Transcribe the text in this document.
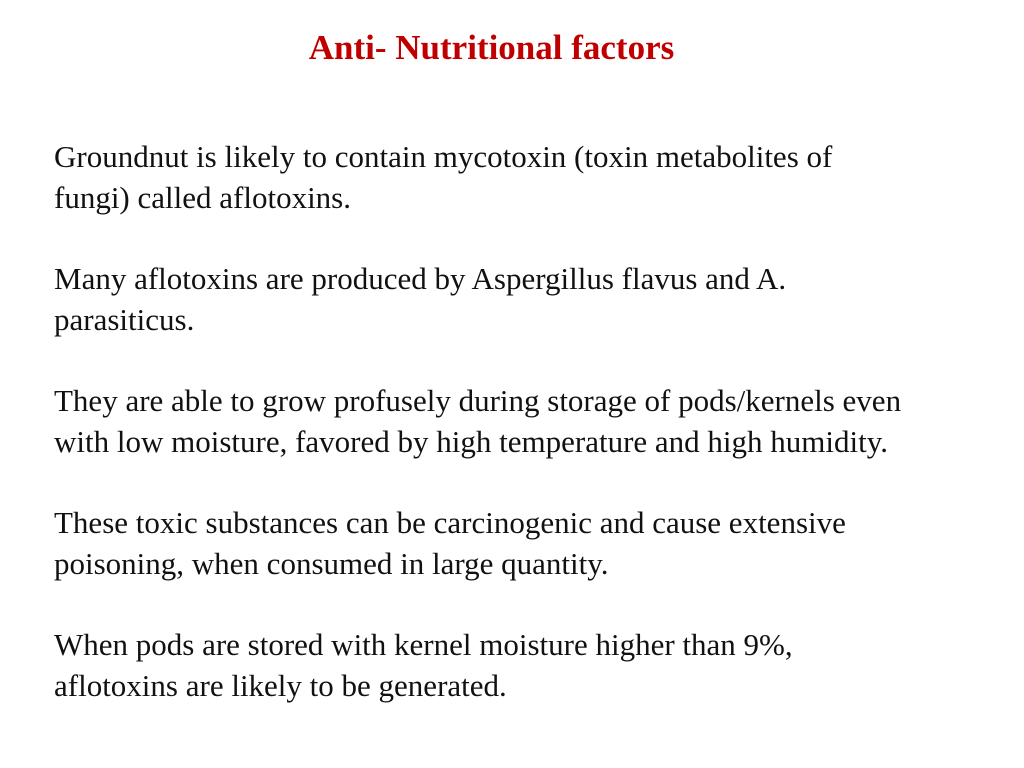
Anti- Nutritional factors

Groundnut is likely to contain mycotoxin (toxin metabolites of
fungi) called aflotoxins.

Many aflotoxins are produced by Aspergillus flavus and A.
parasiticus.

They are able to grow profusely during storage of pods/kernels even
with low moisture, favored by high temperature and high humidity.

These toxic substances can be carcinogenic and cause extensive
poisoning, when consumed in large quantity.

When pods are stored with kernel moisture higher than 9%,
aflotoxins are likely to be generated.
